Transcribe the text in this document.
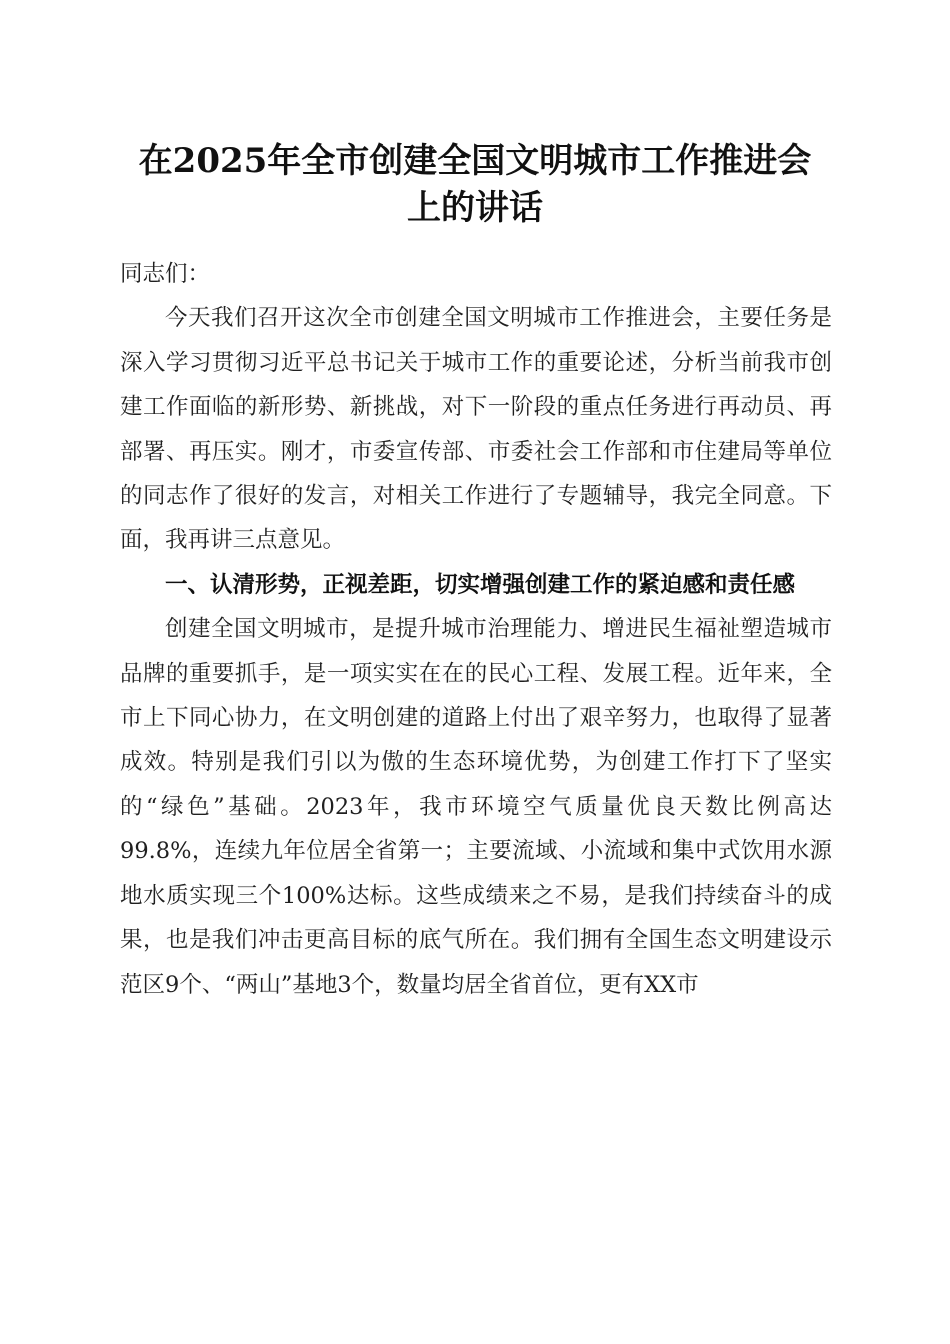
在2025年全市创建全国文明城市工作推进会
上的讲话

同志们：

今天我们召开这次全市创建全国文明城市工作推进会，主要任务是深入学习贯彻习近平总书记关于城市工作的重要论述，分析当前我市创建工作面临的新形势、新挑战，对下一阶段的重点任务进行再动员、再部署、再压实。刚才，市委宣传部、市委社会工作部和市住建局等单位的同志作了很好的发言，对相关工作进行了专题辅导，我完全同意。下面，我再讲三点意见。

一、认清形势，正视差距，切实增强创建工作的紧迫感和责任感

创建全国文明城市，是提升城市治理能力、增进民生福祉塑造城市品牌的重要抓手，是一项实实在在的民心工程、发展工程。近年来，全市上下同心协力，在文明创建的道路上付出了艰辛努力，也取得了显著成效。特别是我们引以为傲的生态环境优势，为创建工作打下了坚实的“绿色”基础。2023年，我市环境空气质量优良天数比例高达99.8%，连续九年位居全省第一；主要流域、小流域和集中式饮用水源地水质实现三个100%达标。这些成绩来之不易，是我们持续奋斗的成果，也是我们冲击更高目标的底气所在。我们拥有全国生态文明建设示范区9个、“两山”基地3个，数量均居全省首位，更有XX市
